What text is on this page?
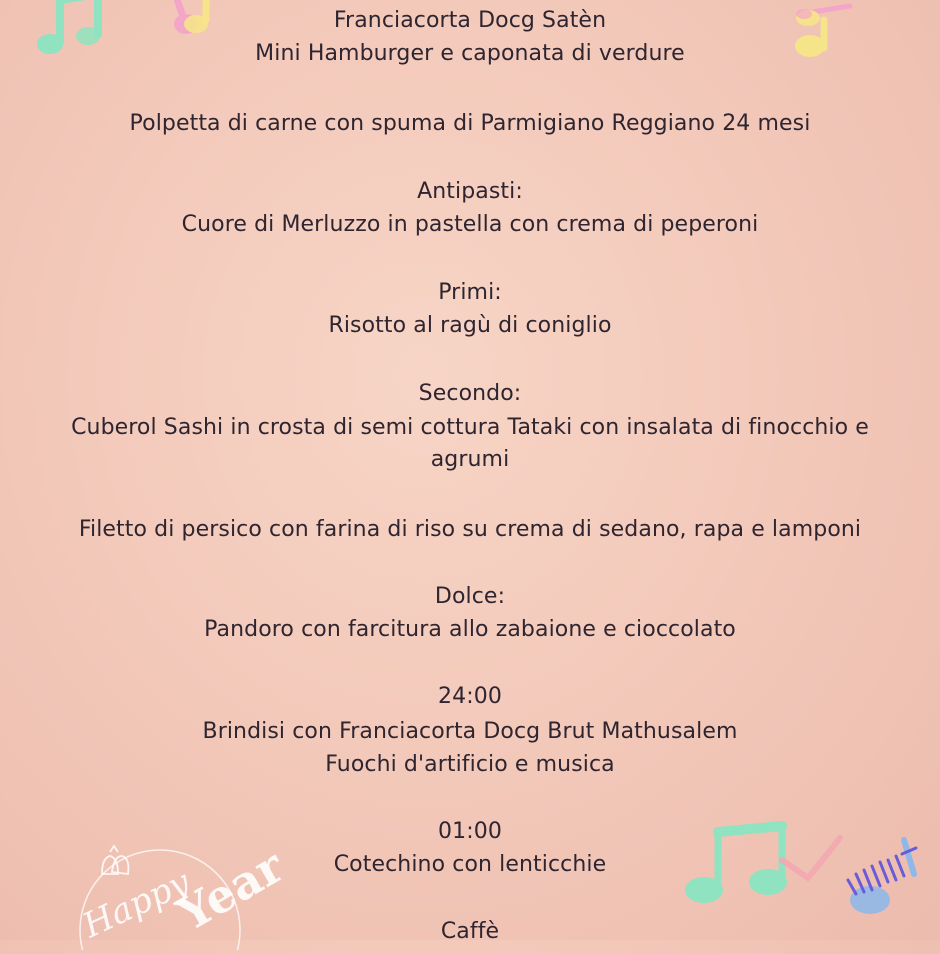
Happy
Year
Franciacorta Docg Satèn
Mini Hamburger e caponata di verdure
Polpetta di carne con spuma di Parmigiano Reggiano 24 mesi
Antipasti:
Cuore di Merluzzo in pastella con crema di peperoni
Primi:
Risotto al ragù di coniglio
Secondo:
Cuberol Sashi in crosta di semi cottura Tataki con insalata di finocchio e
agrumi
Filetto di persico con farina di riso su crema di sedano, rapa e lamponi
Dolce:
Pandoro con farcitura allo zabaione e cioccolato
24:00
Brindisi con Franciacorta Docg Brut Mathusalem
Fuochi d'artificio e musica
01:00
Cotechino con lenticchie
Caffè
